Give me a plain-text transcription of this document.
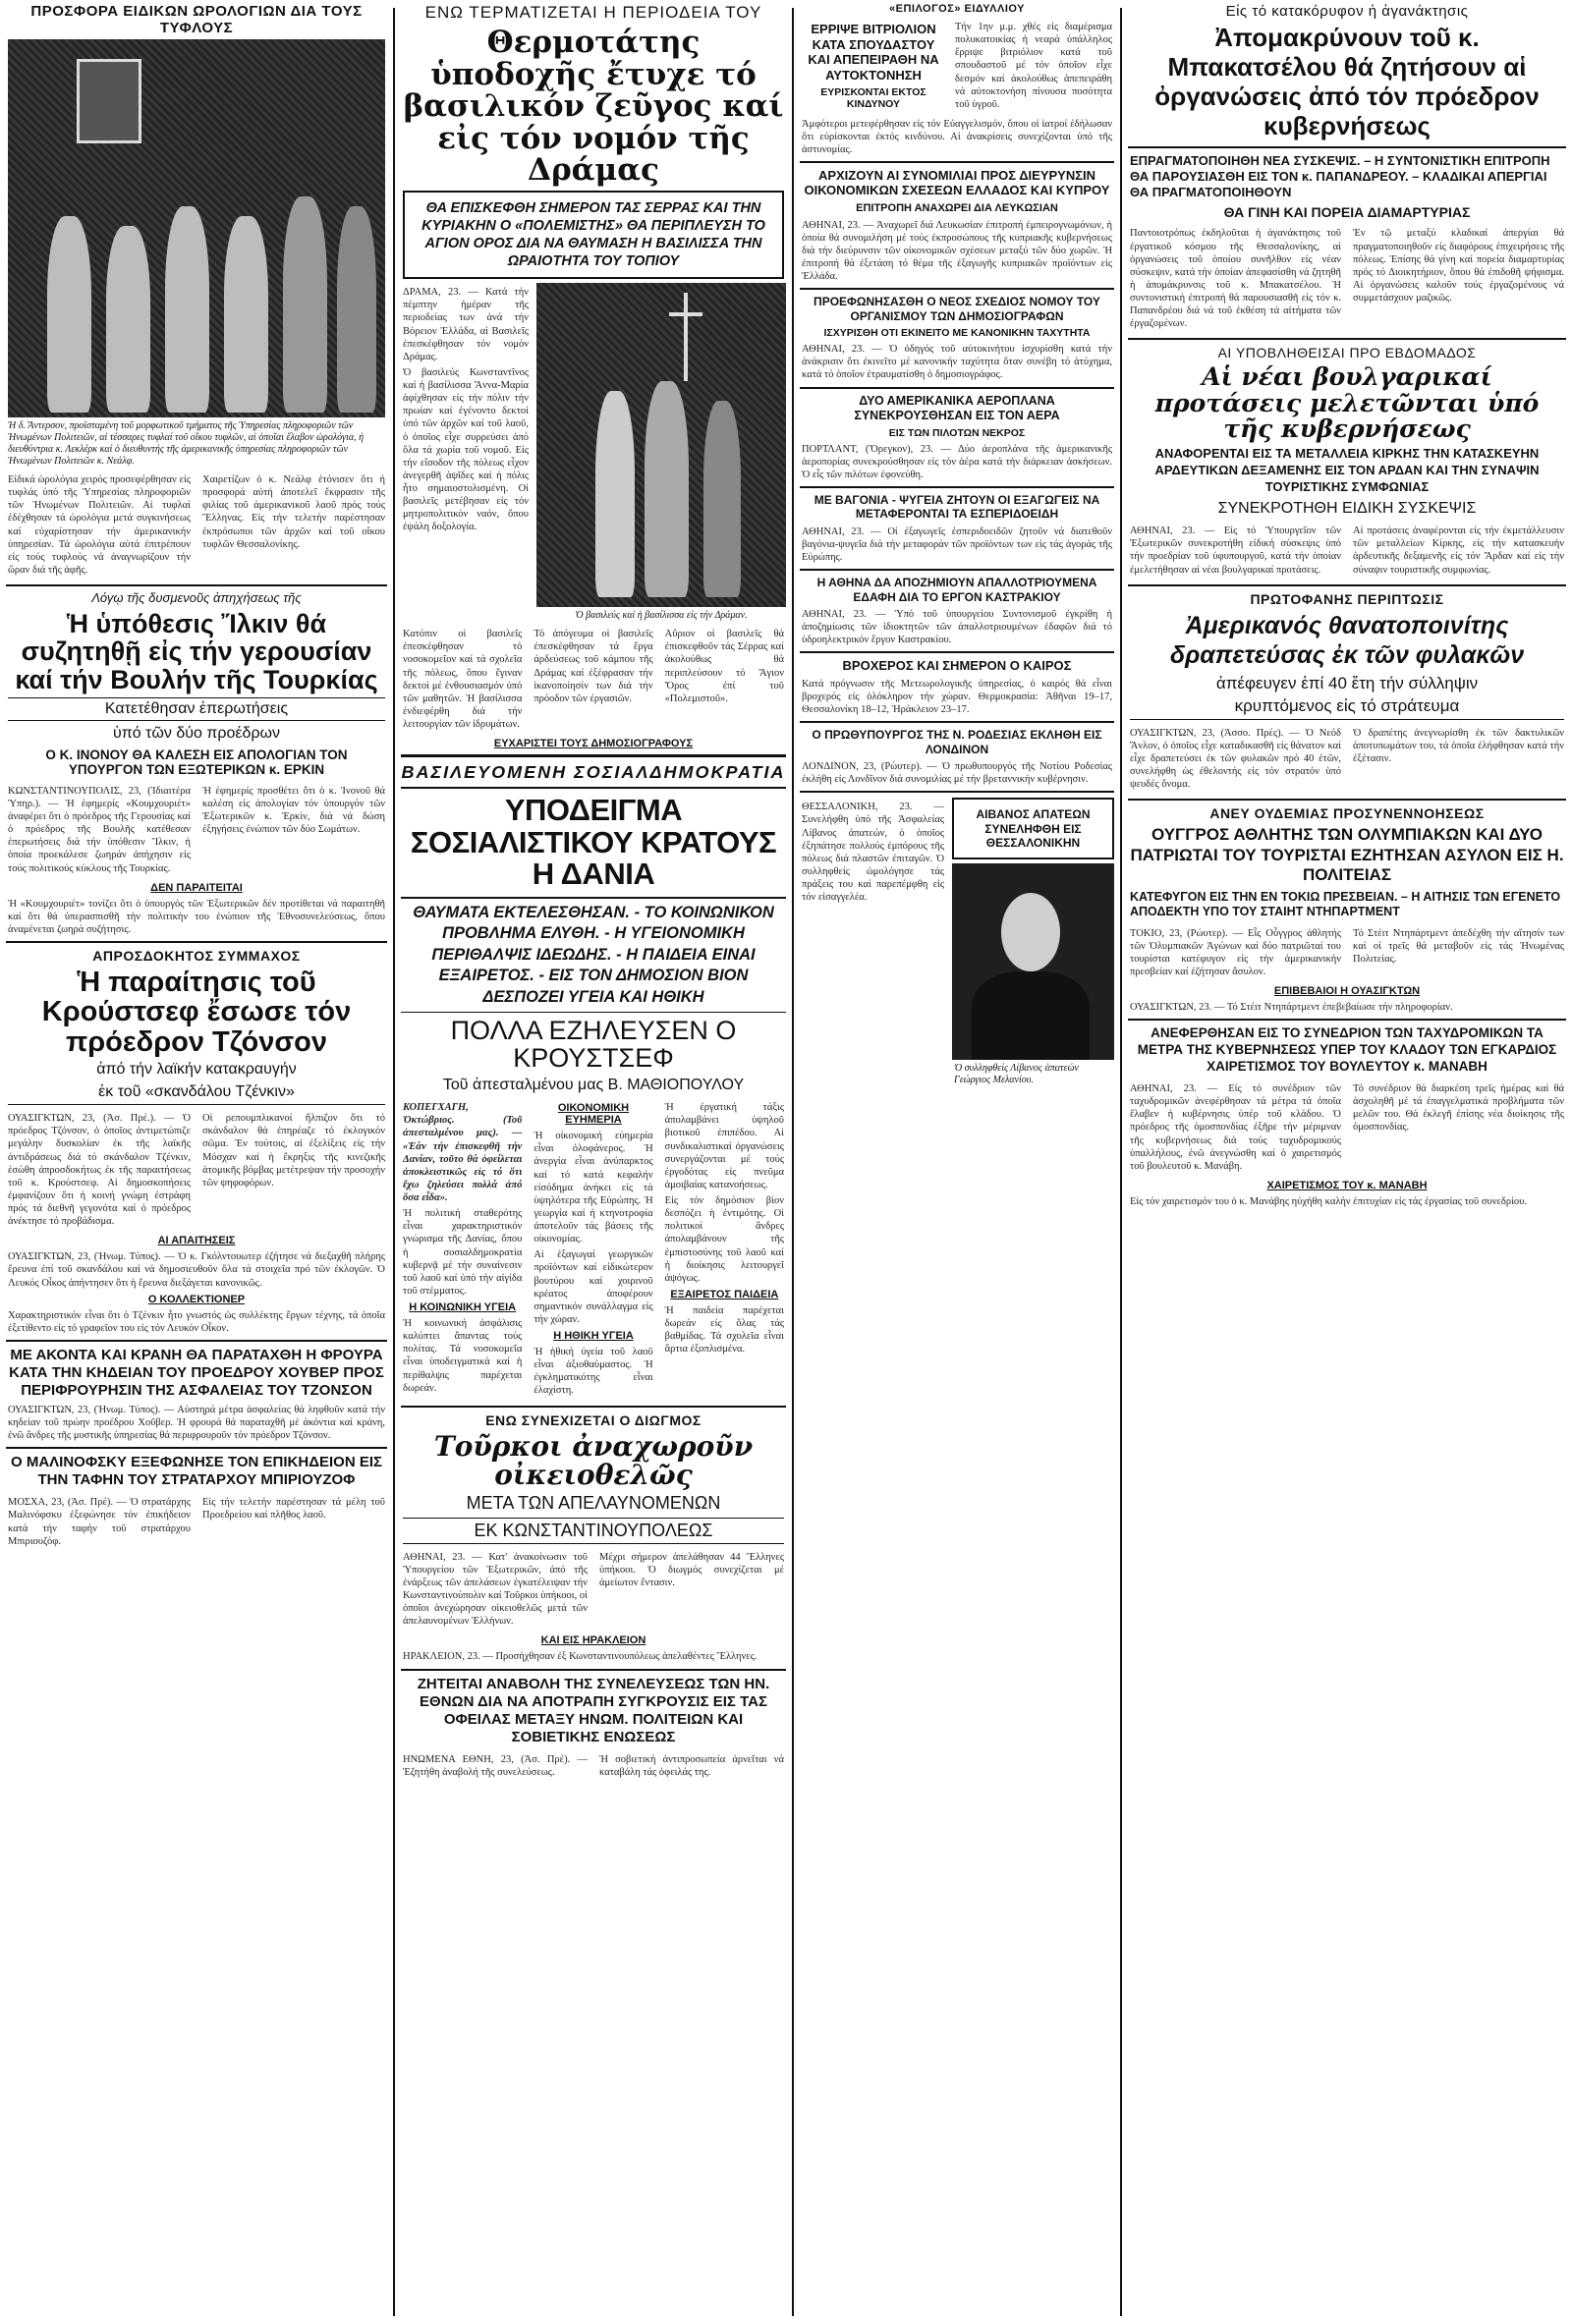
ΠΡΟΣΦΟΡΑ ΕΙΔΙΚΩΝ ΩΡΟΛΟΓΙΩΝ ΔΙΑ ΤΟΥΣ ΤΥΦΛΟΥΣ
Ἡ δ. Ἄντερσον, προϊσταμένη τοῦ μορφωτικοῦ τμήματος τῆς Ὑπηρεσίας πληροφοριῶν τῶν Ἡνωμένων Πολιτειῶν, αἱ τέσσαρες τυφλαί τοῦ οἴκου τυφλῶν, αἱ ὁποῖαι ἔλαβον ὡρολόγια, ἡ διευθύντρια κ. Λεκλέρκ καί ὁ διευθυντής τῆς ἀμερικανικῆς ὑπηρεσίας πληροφοριῶν τῶν Ἡνωμένων Πολιτειῶν κ. Νεάλφ.
Εἰδικά ὡρολόγια χειρός προσεφέρθησαν εἰς τυφλάς ὑπό τῆς Ὑπηρεσίας πληροφοριῶν τῶν Ἡνωμένων Πολιτειῶν. Αἱ τυφλαί ἐδέχθησαν τά ὡρολόγια μετά συγκινήσεως καί εὐχαρίστησαν τήν ἀμερικανικήν ὑπηρεσίαν. Τά ὡρολόγια αὐτά ἐπιτρέπουν εἰς τούς τυφλούς νά ἀναγνωρίζουν τήν ὥραν διά τῆς ἀφῆς.
Χαιρετίζων ὁ κ. Νεάλφ ἐτόνισεν ὅτι ἡ προσφορά αὐτή ἀποτελεῖ ἔκφρασιν τῆς φιλίας τοῦ ἀμερικανικοῦ λαοῦ πρός τούς Ἕλληνας. Εἰς τήν τελετήν παρέστησαν ἐκπρόσωποι τῶν ἀρχῶν καί τοῦ οἴκου τυφλῶν Θεσσαλονίκης.
Λόγῳ τῆς δυσμενοῦς ἀπηχήσεως τῆς
Ἡ ὑπόθεσις Ἴλκιν θά συζητηθῇ εἰς τήν γερουσίαν καί τήν Βουλήν τῆς Τουρκίας
Κατετέθησαν ἐπερωτήσεις
ὑπό τῶν δύο προέδρων
Ο Κ. ΙΝΟΝΟΥ ΘΑ ΚΑΛΕΣΗ ΕΙΣ ΑΠΟΛΟΓΙΑΝ ΤΟΝ ΥΠΟΥΡΓΟΝ ΤΩΝ ΕΞΩΤΕΡΙΚΩΝ κ. ΕΡΚΙΝ
ΚΩΝΣΤΑΝΤΙΝΟΥΠΟΛΙΣ, 23, (Ἰδιαιτέρα Ὑπηρ.). — Ἡ ἐφημερίς «Κουμχουριέτ» ἀναφέρει ὅτι ὁ πρόεδρος τῆς Γερουσίας καί ὁ πρόεδρος τῆς Βουλῆς κατέθεσαν ἐπερωτήσεις διά τήν ὑπόθεσιν Ἴλκιν, ἡ ὁποία προεκάλεσε ζωηράν ἀπήχησιν εἰς τούς πολιτικούς κύκλους τῆς Τουρκίας.
Ἡ ἐφημερίς προσθέτει ὅτι ὁ κ. Ἰνονοῦ θά καλέση εἰς ἀπολογίαν τόν ὑπουργόν τῶν Ἐξωτερικῶν κ. Ἐρκίν, διά νά δώση ἐξηγήσεις ἐνώπιον τῶν δύο Σωμάτων.
ΔΕΝ ΠΑΡΑΙΤΕΙΤΑΙ
Ἡ «Κουμχουριέτ» τονίζει ὅτι ὁ ὑπουργός τῶν Ἐξωτερικῶν δέν προτίθεται νά παραιτηθῆ καί ὅτι θά ὑπερασπισθῆ τήν πολιτικήν του ἐνώπιον τῆς Ἐθνοσυνελεύσεως, ὅπου ἀναμένεται ζωηρά συζήτησις.
ΑΠΡΟΣΔΟΚΗΤΟΣ ΣΥΜΜΑΧΟΣ
Ἡ παραίτησις τοῦ Κρούστσεφ ἔσωσε τόν πρόεδρον Τζόνσον
ἀπό τήν λαϊκήν κατακραυγήν
ἐκ τοῦ «σκανδάλου Τζένκιν»
ΟΥΑΣΙΓΚΤΩΝ, 23, (Ἀσ. Πρέ.). — Ὁ πρόεδρος Τζόνσον, ὁ ὁποῖος ἀντιμετώπιζε μεγάλην δυσκολίαν ἐκ τῆς λαϊκῆς ἀντιδράσεως διά τό σκάνδαλον Τζένκιν, ἐσώθη ἀπροσδοκήτως ἐκ τῆς παραιτήσεως τοῦ κ. Κρούστσεφ. Αἱ δημοσκοπήσεις ἐμφανίζουν ὅτι ἡ κοινή γνώμη ἐστράφη πρός τά διεθνῆ γεγονότα καί ὁ πρόεδρος ἀνέκτησε τό προβάδισμα.
Οἱ ρεπουμπλικανοί ἤλπιζον ὅτι τό σκάνδαλον θά ἐπηρέαζε τό ἐκλογικόν σῶμα. Ἐν τούτοις, αἱ ἐξελίξεις εἰς τήν Μόσχαν καί ἡ ἔκρηξις τῆς κινεζικῆς ἀτομικῆς βόμβας μετέτρεψαν τήν προσοχήν τῶν ψηφοφόρων.
ΑΙ ΑΠΑΙΤΗΣΕΙΣ
ΟΥΑΣΙΓΚΤΩΝ, 23, (Ἡνωμ. Τύπος). — Ὁ κ. Γκόλντουωτερ ἐζήτησε νά διεξαχθῆ πλήρης ἔρευνα ἐπί τοῦ σκανδάλου καί νά δημοσιευθοῦν ὅλα τά στοιχεῖα πρό τῶν ἐκλογῶν. Ὁ Λευκός Οἶκος ἀπήντησεν ὅτι ἡ ἔρευνα διεξάγεται κανονικῶς.
Ο ΚΟΛΛΕΚΤΙΟΝΕΡ
Χαρακτηριστικόν εἶναι ὅτι ὁ Τζένκιν ἦτο γνωστός ὡς συλλέκτης ἔργων τέχνης, τά ὁποῖα ἐξετίθεντο εἰς τό γραφεῖον του εἰς τόν Λευκόν Οἶκον.
ΜΕ ΑΚΟΝΤΑ ΚΑΙ ΚΡΑΝΗ ΘΑ ΠΑΡΑΤΑΧΘΗ Η ΦΡΟΥΡΑ ΚΑΤΑ ΤΗΝ ΚΗΔΕΙΑΝ ΤΟΥ ΠΡΟΕΔΡΟΥ ΧΟΥΒΕΡ ΠΡΟΣ ΠΕΡΙΦΡΟΥΡΗΣΙΝ ΤΗΣ ΑΣΦΑΛΕΙΑΣ ΤΟΥ ΤΖΟΝΣΟΝ
ΟΥΑΣΙΓΚΤΩΝ, 23, (Ἡνωμ. Τύπος). — Αὐστηρά μέτρα ἀσφαλείας θά ληφθοῦν κατά τήν κηδείαν τοῦ πρώην προέδρου Χοῦβερ. Ἡ φρουρά θά παραταχθῆ μέ ἀκόντια καί κράνη, ἐνῶ ἄνδρες τῆς μυστικῆς ὑπηρεσίας θά περιφρουροῦν τόν πρόεδρον Τζόνσον.
Ο ΜΑΛΙΝΟΦΣΚΥ ΕΞΕΦΩΝΗΣΕ ΤΟΝ ΕΠΙΚΗΔΕΙΟΝ ΕΙΣ ΤΗΝ ΤΑΦΗΝ ΤΟΥ ΣΤΡΑΤΑΡΧΟΥ ΜΠΙΡΙΟΥΖΟΦ
ΜΟΣΧΑ, 23, (Ἀσ. Πρέ). — Ὁ στρατάρχης Μαλινόφσκυ ἐξεφώνησε τόν ἐπικήδειον κατά τήν ταφήν τοῦ στρατάρχου Μπιριουζόφ.
Εἰς τήν τελετήν παρέστησαν τά μέλη τοῦ Προεδρείου καί πλῆθος λαοῦ.
ΕΝΩ ΤΕΡΜΑΤΙΖΕΤΑΙ Η ΠΕΡΙΟΔΕΙΑ ΤΟΥ
Θερμοτάτης ὑποδοχῆς ἔτυχε τό βασιλικόν ζεῦγος καί εἰς τόν νομόν τῆς Δράμας
ΘΑ ΕΠΙΣΚΕΦΘΗ ΣΗΜΕΡΟΝ ΤΑΣ ΣΕΡΡΑΣ ΚΑΙ ΤΗΝ ΚΥΡΙΑΚΗΝ Ο «ΠΟΛΕΜΙΣΤΗΣ» ΘΑ ΠΕΡΙΠΛΕΥΣΗ ΤΟ ΑΓΙΟΝ ΟΡΟΣ ΔΙΑ ΝΑ ΘΑΥΜΑΣΗ Η ΒΑΣΙΛΙΣΣΑ ΤΗΝ ΩΡΑΙΟΤΗΤΑ ΤΟΥ ΤΟΠΙΟΥ
ΔΡΑΜΑ, 23. — Κατά τήν πέμπτην ἡμέραν τῆς περιοδείας των ἀνά τήν Βόρειον Ἑλλάδα, αἱ Βασιλεῖς ἐπεσκέφθησαν τόν νομόν Δράμας.
Ὁ βασιλεύς Κωνσταντῖνος καί ἡ βασίλισσα Ἄννα-Μαρία ἀφίχθησαν εἰς τήν πόλιν τήν πρωίαν καί ἐγένοντο δεκτοί ὑπό τῶν ἀρχῶν καί τοῦ λαοῦ, ὁ ὁποῖος εἶχε συρρεύσει ἀπό ὅλα τά χωρία τοῦ νομοῦ. Εἰς τήν εἴσοδον τῆς πόλεως εἶχον ἀνεγερθῆ ἁψῖδες καί ἡ πόλις ἦτο σημαιοστολισμένη. Οἱ βασιλεῖς μετέβησαν εἰς τόν μητροπολιτικόν ναόν, ὅπου ἐψάλη δοξολογία.
Ὁ βασιλεύς καί ἡ βασίλισσα εἰς τήν Δράμαν.
Κατόπιν οἱ βασιλεῖς ἐπεσκέφθησαν τό νοσοκομεῖον καί τά σχολεῖα τῆς πόλεως, ὅπου ἔγιναν δεκτοί μέ ἐνθουσιασμόν ὑπό τῶν μαθητῶν. Ἡ βασίλισσα ἐνδιεφέρθη διά τήν λειτουργίαν τῶν ἱδρυμάτων.
Τό ἀπόγευμα οἱ βασιλεῖς ἐπεσκέφθησαν τά ἔργα ἀρδεύσεως τοῦ κάμπου τῆς Δράμας καί ἐξέφρασαν τήν ἱκανοποίησίν των διά τήν πρόοδον τῶν ἐργασιῶν.
Αὔριον οἱ βασιλεῖς θά ἐπισκεφθοῦν τάς Σέρρας καί ἀκολούθως θά περιπλεύσουν τό Ἅγιον Ὄρος ἐπί τοῦ «Πολεμιστοῦ».
ΕΥΧΑΡΙΣΤΕΙ ΤΟΥΣ ΔΗΜΟΣΙΟΓΡΑΦΟΥΣ
ΒΑΣΙΛΕΥΟΜΕΝΗ ΣΟΣΙΑΛΔΗΜΟΚΡΑΤΙΑ
ΥΠΟΔΕΙΓΜΑ ΣΟΣΙΑΛΙΣΤΙΚΟΥ ΚΡΑΤΟΥΣ Η ΔΑΝΙΑ
ΘΑΥΜΑΤΑ ΕΚΤΕΛΕΣΘΗΣΑΝ. - ΤΟ ΚΟΙΝΩΝΙΚΟΝ ΠΡΟΒΛΗΜΑ ΕΛΥΘΗ. - Η ΥΓΕΙΟΝΟΜΙΚΗ ΠΕΡΙΘΑΛΨΙΣ ΙΔΕΩΔΗΣ. - Η ΠΑΙΔΕΙΑ ΕΙΝΑΙ ΕΞΑΙΡΕΤΟΣ. - ΕΙΣ ΤΟΝ ΔΗΜΟΣΙΟΝ ΒΙΟΝ ΔΕΣΠΟΖΕΙ ΥΓΕΙΑ ΚΑΙ ΗΘΙΚΗ
ΠΟΛΛΑ ΕΖΗΛΕΥΣΕΝ Ο ΚΡΟΥΣΤΣΕΦ
Τοῦ ἀπεσταλμένου μας Β. ΜΑΘΙΟΠΟΥΛΟΥ
ΚΟΠΕΓΧΑΓΗ, Ὀκτώβριος. (Τοῦ ἀπεσταλμένου μας). — «Ἐάν τήν ἐπισκεφθῆ τήν Δανίαν, τοῦτο θά ὀφείλεται ἀποκλειστικῶς εἰς τό ὅτι ἔχω ζηλεύσει πολλά ἀπό ὅσα εἶδα».
Ἡ πολιτική σταθερότης εἶναι χαρακτηριστικόν γνώρισμα τῆς Δανίας, ὅπου ἡ σοσιαλδημοκρατία κυβερνᾷ μέ τήν συναίνεσιν τοῦ λαοῦ καί ὑπό τήν αἰγίδα τοῦ στέμματος.
Η ΚΟΙΝΩΝΙΚΗ ΥΓΕΙΑ
Ἡ κοινωνική ἀσφάλισις καλύπτει ἅπαντας τούς πολίτας. Τά νοσοκομεῖα εἶναι ὑποδειγματικά καί ἡ περίθαλψις παρέχεται δωρεάν.
ΟΙΚΟΝΟΜΙΚΗ ΕΥΗΜΕΡΙΑ
Ἡ οἰκονομική εὐημερία εἶναι ὁλοφάνερος. Ἡ ἀνεργία εἶναι ἀνύπαρκτος καί τό κατά κεφαλήν εἰσόδημα ἀνήκει εἰς τά ὑψηλότερα τῆς Εὐρώπης. Ἡ γεωργία καί ἡ κτηνοτροφία ἀποτελοῦν τάς βάσεις τῆς οἰκονομίας.
Αἱ ἐξαγωγαί γεωργικῶν προϊόντων καί εἰδικώτερον βουτύρου καί χοιρινοῦ κρέατος ἀποφέρουν σημαντικόν συνάλλαγμα εἰς τήν χώραν.
Η ΗΘΙΚΗ ΥΓΕΙΑ
Ἡ ἠθική ὑγεία τοῦ λαοῦ εἶναι ἀξιοθαύμαστος. Ἡ ἐγκληματικότης εἶναι ἐλαχίστη.
Ἡ ἐργατική τάξις ἀπολαμβάνει ὑψηλοῦ βιοτικοῦ ἐπιπέδου. Αἱ συνδικαλιστικαί ὀργανώσεις συνεργάζονται μέ τούς ἐργοδότας εἰς πνεῦμα ἀμοιβαίας κατανοήσεως.
Εἰς τόν δημόσιον βίον δεσπόζει ἡ ἐντιμότης. Οἱ πολιτικοί ἄνδρες ἀπολαμβάνουν τῆς ἐμπιστοσύνης τοῦ λαοῦ καί ἡ διοίκησις λειτουργεῖ ἀψόγως.
ΕΞΑΙΡΕΤΟΣ ΠΑΙΔΕΙΑ
Ἡ παιδεία παρέχεται δωρεάν εἰς ὅλας τάς βαθμίδας. Τά σχολεῖα εἶναι ἄρτια ἐξοπλισμένα.
ΕΝΩ ΣΥΝΕΧΙΖΕΤΑΙ Ο ΔΙΩΓΜΟΣ
Τοῦρκοι ἀναχωροῦν οἰκειοθελῶς
ΜΕΤΑ ΤΩΝ ΑΠΕΛΑΥΝΟΜΕΝΩΝ
ΕΚ ΚΩΝΣΤΑΝΤΙΝΟΥΠΟΛΕΩΣ
ΑΘΗΝΑΙ, 23. — Κατ' ἀνακοίνωσιν τοῦ Ὑπουργείου τῶν Ἐξωτερικῶν, ἀπό τῆς ἐνάρξεως τῶν ἀπελάσεων ἐγκατέλειψαν τήν Κωνσταντινούπολιν καί Τοῦρκοι ὑπήκοοι, οἱ ὁποῖοι ἀνεχώρησαν οἰκειοθελῶς μετά τῶν ἀπελαυνομένων Ἑλλήνων.
Μέχρι σήμερον ἀπελάθησαν 44 Ἕλληνες ὑπήκοοι. Ὁ διωγμός συνεχίζεται μέ ἀμείωτον ἔντασιν.
ΚΑΙ ΕΙΣ ΗΡΑΚΛΕΙΟΝ
ΗΡΑΚΛΕΙΟΝ, 23. — Προσήχθησαν ἐξ Κωνσταντινουπόλεως ἀπελαθέντες Ἕλληνες.
ΖΗΤΕΙΤΑΙ ΑΝΑΒΟΛΗ ΤΗΣ ΣΥΝΕΛΕΥΣΕΩΣ ΤΩΝ ΗΝ. ΕΘΝΩΝ ΔΙΑ ΝΑ ΑΠΟΤΡΑΠΗ ΣΥΓΚΡΟΥΣΙΣ ΕΙΣ ΤΑΣ ΟΦΕΙΛΑΣ ΜΕΤΑΞΥ ΗΝΩΜ. ΠΟΛΙΤΕΙΩΝ ΚΑΙ ΣΟΒΙΕΤΙΚΗΣ ΕΝΩΣΕΩΣ
ΗΝΩΜΕΝΑ ΕΘΝΗ, 23, (Ἀσ. Πρέ). — Ἐζητήθη ἀναβολή τῆς συνελεύσεως.
Ἡ σοβιετική ἀντιπροσωπεία ἀρνεῖται νά καταβάλη τάς ὀφειλάς της.
«ΕΠΙΛΟΓΟΣ» ΕΙΔΥΛΛΙΟΥ
ΕΡΡΙΨΕ ΒΙΤΡΙΟΛΙΟΝ ΚΑΤΑ ΣΠΟΥΔΑΣΤΟΥ ΚΑΙ ΑΠΕΠΕΙΡΑΘΗ ΝΑ ΑΥΤΟΚΤΟΝΗΣΗ
ΕΥΡΙΣΚΟΝΤΑΙ ΕΚΤΟΣ ΚΙΝΔΥΝΟΥ
Τήν 1ην μ.μ. χθές εἰς διαμέρισμα πολυκατοικίας ἡ νεαρά ὑπάλληλος ἔρριψε βιτριόλιον κατά τοῦ σπουδαστοῦ μέ τόν ὁποῖον εἶχε δεσμόν καί ἀκολούθως ἀπεπειράθη νά αὐτοκτονήση πίνουσα ποσότητα τοῦ ὑγροῦ.
Ἀμφότεροι μετεφέρθησαν εἰς τόν Εὐαγγελισμόν, ὅπου οἱ ἰατροί ἐδήλωσαν ὅτι εὑρίσκονται ἐκτός κινδύνου. Αἱ ἀνακρίσεις συνεχίζονται ὑπό τῆς ἀστυνομίας.
ΑΡΧΙΖΟΥΝ ΑΙ ΣΥΝΟΜΙΛΙΑΙ ΠΡΟΣ ΔΙΕΥΡΥΝΣΙΝ ΟΙΚΟΝΟΜΙΚΩΝ ΣΧΕΣΕΩΝ ΕΛΛΑΔΟΣ ΚΑΙ ΚΥΠΡΟΥ
ΕΠΙΤΡΟΠΗ ΑΝΑΧΩΡΕΙ ΔΙΑ ΛΕΥΚΩΣΙΑΝ
ΑΘΗΝΑΙ, 23. — Ἀναχωρεῖ διά Λευκωσίαν ἐπιτροπή ἐμπειρογνωμόνων, ἡ ὁποία θά συνομιλήση μέ τούς ἐκπροσώπους τῆς κυπριακῆς κυβερνήσεως διά τήν διεύρυνσιν τῶν οἰκονομικῶν σχέσεων μεταξύ τῶν δύο χωρῶν. Ἡ ἐπιτροπή θά ἐξετάση τό θέμα τῆς ἐξαγωγῆς κυπριακῶν προϊόντων εἰς Ἑλλάδα.
ΠΡΟΕΦΩΝΗΣΑΣΘΗ Ο ΝΕΟΣ ΣΧΕΔΙΟΣ ΝΟΜΟΥ ΤΟΥ ΟΡΓΑΝΙΣΜΟΥ ΤΩΝ ΔΗΜΟΣΙΟΓΡΑΦΩΝ
ΙΣΧΥΡΙΣΘΗ ΟΤΙ ΕΚΙΝΕΙΤΟ ΜΕ ΚΑΝΟΝΙΚΗΝ ΤΑΧΥΤΗΤΑ
ΑΘΗΝΑΙ, 23. — Ὁ ὁδηγός τοῦ αὐτοκινήτου ἰσχυρίσθη κατά τήν ἀνάκρισιν ὅτι ἐκινεῖτο μέ κανονικήν ταχύτητα ὅταν συνέβη τό ἀτύχημα, κατά τό ὁποῖον ἐτραυματίσθη ὁ δημοσιογράφος.
ΔΥΟ ΑΜΕΡΙΚΑΝΙΚΑ ΑΕΡΟΠΛΑΝΑ ΣΥΝΕΚΡΟΥΣΘΗΣΑΝ ΕΙΣ ΤΟΝ ΑΕΡΑ
ΕΙΣ ΤΩΝ ΠΙΛΟΤΩΝ ΝΕΚΡΟΣ
ΠΟΡΤΛΑΝΤ, (Ὄρεγκον), 23. — Δύο ἀεροπλάνα τῆς ἀμερικανικῆς ἀεροπορίας συνεκρούσθησαν εἰς τόν ἀέρα κατά τήν διάρκειαν ἀσκήσεων. Ὁ εἷς τῶν πιλότων ἐφονεύθη.
ΜΕ ΒΑΓΟΝΙΑ - ΨΥΓΕΙΑ ΖΗΤΟΥΝ ΟΙ ΕΞΑΓΩΓΕΙΣ ΝΑ ΜΕΤΑΦΕΡΟΝΤΑΙ ΤΑ ΕΣΠΕΡΙΔΟΕΙΔΗ
ΑΘΗΝΑΙ, 23. — Οἱ ἐξαγωγεῖς ἐσπεριδοειδῶν ζητοῦν νά διατεθοῦν βαγόνια-ψυγεῖα διά τήν μεταφοράν τῶν προϊόντων των εἰς τάς ἀγοράς τῆς Εὐρώπης.
Η ΑΘΗΝΑ ΔΑ ΑΠΟΖΗΜΙΟΥΝ ΑΠΑΛΛΟΤΡΙΟΥΜΕΝΑ ΕΔΑΦΗ ΔΙΑ ΤΟ ΕΡΓΟΝ ΚΑΣΤΡΑΚΙΟΥ
ΑΘΗΝΑΙ, 23. — Ὑπό τοῦ ὑπουργείου Συντονισμοῦ ἐγκρίθη ἡ ἀποζημίωσις τῶν ἰδιοκτητῶν τῶν ἀπαλλοτριουμένων ἐδαφῶν διά τό ὑδροηλεκτρικόν ἔργον Καστρακίου.
ΒΡΟΧΕΡΟΣ ΚΑΙ ΣΗΜΕΡΟΝ Ο ΚΑΙΡΟΣ
Κατά πρόγνωσιν τῆς Μετεωρολογικῆς ὑπηρεσίας, ὁ καιρός θά εἶναι βροχερός εἰς ὁλόκληρον τήν χώραν. Θερμοκρασία: Ἀθῆναι 19–17, Θεσσαλονίκη 18–12, Ἡράκλειον 23–17.
Ο ΠΡΩΘΥΠΟΥΡΓΟΣ ΤΗΣ Ν. ΡΟΔΕΣΙΑΣ ΕΚΛΗΘΗ ΕΙΣ ΛΟΝΔΙΝΟΝ
ΛΟΝΔΙΝΟΝ, 23, (Ρώυτερ). — Ὁ πρωθυπουργός τῆς Νοτίου Ροδεσίας ἐκλήθη εἰς Λονδῖνον διά συνομιλίας μέ τήν βρεταννικήν κυβέρνησιν.
ΘΕΣΣΑΛΟΝΙΚΗ, 23. — Συνελήφθη ὑπό τῆς Ἀσφαλείας Λίβανος ἀπατεών, ὁ ὁποῖος ἐξηπάτησε πολλούς ἐμπόρους τῆς πόλεως διά πλαστῶν ἐπιταγῶν. Ὁ συλληφθείς ὡμολόγησε τάς πράξεις του καί παρεπέμφθη εἰς τόν εἰσαγγελέα.
ΑΙΒΑΝΟΣ ΑΠΑΤΕΩΝ ΣΥΝΕΛΗΦΘΗ ΕΙΣ ΘΕΣΣΑΛΟΝΙΚΗΝ
Ὁ συλληφθείς Λίβανος ἀπατεών Γεώργιος Μελανίου.
Εἰς τό κατακόρυφον ἡ ἀγανάκτησις
Ἀπομακρύνουν τοῦ κ. Μπακατσέλου θά ζητήσουν αἱ ὀργανώσεις ἀπό τόν πρόεδρον κυβερνήσεως
ΕΠΡΑΓΜΑΤΟΠΟΙΗΘΗ ΝΕΑ ΣΥΣΚΕΨΙΣ. – Η ΣΥΝΤΟΝΙΣΤΙΚΗ ΕΠΙΤΡΟΠΗ ΘΑ ΠΑΡΟΥΣΙΑΣΘΗ ΕΙΣ ΤΟΝ κ. ΠΑΠΑΝΔΡΕΟΥ. – ΚΛΑΔΙΚΑΙ ΑΠΕΡΓΙΑΙ ΘΑ ΠΡΑΓΜΑΤΟΠΟΙΗΘΟΥΝ
ΘΑ ΓΙΝΗ ΚΑΙ ΠΟΡΕΙΑ ΔΙΑΜΑΡΤΥΡΙΑΣ
Παντοιοτρόπως ἐκδηλοῦται ἡ ἀγανάκτησις τοῦ ἐργατικοῦ κόσμου τῆς Θεσσαλονίκης, αἱ ὀργανώσεις τοῦ ὁποίου συνῆλθον εἰς νέαν σύσκεψιν, κατά τήν ὁποίαν ἀπεφασίσθη νά ζητηθῆ ἡ ἀπομάκρυνσις τοῦ κ. Μπακατσέλου. Ἡ συντονιστική ἐπιτροπή θά παρουσιασθῆ εἰς τόν κ. Παπανδρέου διά νά τοῦ ἐκθέση τά αἰτήματα τῶν ἐργαζομένων.
Ἐν τῷ μεταξύ κλαδικαί ἀπεργίαι θά πραγματοποιηθοῦν εἰς διαφόρους ἐπιχειρήσεις τῆς πόλεως. Ἐπίσης θά γίνη καί πορεία διαμαρτυρίας πρός τό Διοικητήριον, ὅπου θά ἐπιδοθῆ ψήφισμα. Αἱ ὀργανώσεις καλοῦν τούς ἐργαζομένους νά συμμετάσχουν μαζικῶς.
ΑΙ ΥΠΟΒΛΗΘΕΙΣΑΙ ΠΡΟ ΕΒΔΟΜΑΔΟΣ
Αἱ νέαι βουλγαρικαί προτάσεις μελετῶνται ὑπό τῆς κυβερνήσεως
ΑΝΑΦΟΡΕΝΤΑΙ ΕΙΣ ΤΑ ΜΕΤΑΛΛΕΙΑ ΚΙΡΚΗΣ ΤΗΝ ΚΑΤΑΣΚΕΥΗΝ ΑΡΔΕΥΤΙΚΩΝ ΔΕΞΑΜΕΝΗΣ ΕΙΣ ΤΟΝ ΑΡΔΑΝ ΚΑΙ ΤΗΝ ΣΥΝΑΨΙΝ ΤΟΥΡΙΣΤΙΚΗΣ ΣΥΜΦΩΝΙΑΣ
ΣΥΝΕΚΡΟΤΗΘΗ ΕΙΔΙΚΗ ΣΥΣΚΕΨΙΣ
ΑΘΗΝΑΙ, 23. — Εἰς τό Ὑπουργεῖον τῶν Ἐξωτερικῶν συνεκροτήθη εἰδική σύσκεψις ὑπό τήν προεδρίαν τοῦ ὑφυπουργοῦ, κατά τήν ὁποίαν ἐμελετήθησαν αἱ νέαι βουλγαρικαί προτάσεις.
Αἱ προτάσεις ἀναφέρονται εἰς τήν ἐκμετάλλευσιν τῶν μεταλλείων Κίρκης, εἰς τήν κατασκευήν ἀρδευτικῆς δεξαμενῆς εἰς τόν Ἄρδαν καί εἰς τήν σύναψιν τουριστικῆς συμφωνίας.
ΠΡΩΤΟΦΑΝΗΣ ΠΕΡΙΠΤΩΣΙΣ
Ἀμερικανός θανατοποινίτης δραπετεύσας ἐκ τῶν φυλακῶν
ἀπέφευγεν ἐπί 40 ἔτη τήν σύλληψιν
κρυπτόμενος εἰς τό στράτευμα
ΟΥΑΣΙΓΚΤΩΝ, 23, (Ἀσσο. Πρές). — Ὁ Νεόδ Ἅνλον, ὁ ὁποῖος εἶχε καταδικασθῆ εἰς θάνατον καί εἶχε δραπετεύσει ἐκ τῶν φυλακῶν πρό 40 ἐτῶν, συνελήφθη ὡς ἐθελοντής εἰς τόν στρατόν ὑπό ψευδές ὄνομα.
Ὁ δραπέτης ἀνεγνωρίσθη ἐκ τῶν δακτυλικῶν ἀποτυπωμάτων του, τά ὁποῖα ἐλήφθησαν κατά τήν ἐξέτασιν.
ΑΝΕΥ ΟΥΔΕΜΙΑΣ ΠΡΟΣΥΝΕΝΝΟΗΣΕΩΣ
ΟΥΓΓΡΟΣ ΑΘΛΗΤΗΣ ΤΩΝ ΟΛΥΜΠΙΑΚΩΝ ΚΑΙ ΔΥΟ ΠΑΤΡΙΩΤΑΙ ΤΟΥ ΤΟΥΡΙΣΤΑΙ ΕΖΗΤΗΣΑΝ ΑΣΥΛΟΝ ΕΙΣ Η. ΠΟΛΙΤΕΙΑΣ
ΚΑΤΕΦΥΓΟΝ ΕΙΣ ΤΗΝ ΕΝ ΤΟΚΙΩ ΠΡΕΣΒΕΙΑΝ. – Η ΑΙΤΗΣΙΣ ΤΩΝ ΕΓΕΝΕΤΟ ΑΠΟΔΕΚΤΗ ΥΠΟ ΤΟΥ ΣΤΑΙΗΤ ΝΤΗΠΑΡΤΜΕΝΤ
ΤΟΚΙΟ, 23, (Ρώυτερ). — Εἷς Οὗγγρος ἀθλητής τῶν Ὀλυμπιακῶν Ἀγώνων καί δύο πατριῶταί του τουρίσται κατέφυγον εἰς τήν ἀμερικανικήν πρεσβείαν καί ἐζήτησαν ἄσυλον.
Τό Στέιτ Ντηπάρτμεντ ἀπεδέχθη τήν αἴτησίν των καί οἱ τρεῖς θά μεταβοῦν εἰς τάς Ἡνωμένας Πολιτείας.
ΕΠΙΒΕΒΑΙΟΙ Η ΟΥΑΣΙΓΚΤΩΝ
ΟΥΑΣΙΓΚΤΩΝ, 23. — Τό Στέιτ Ντηπάρτμεντ ἐπεβεβαίωσε τήν πληροφορίαν.
ΑΝΕΦΕΡΘΗΣΑΝ ΕΙΣ ΤΟ ΣΥΝΕΔΡΙΟΝ ΤΩΝ ΤΑΧΥΔΡΟΜΙΚΩΝ ΤΑ ΜΕΤΡΑ ΤΗΣ ΚΥΒΕΡΝΗΣΕΩΣ ΥΠΕΡ ΤΟΥ ΚΛΑΔΟΥ ΤΩΝ ΕΓΚΑΡΔΙΟΣ ΧΑΙΡΕΤΙΣΜΟΣ ΤΟΥ ΒΟΥΛΕΥΤΟΥ κ. ΜΑΝΑΒΗ
ΑΘΗΝΑΙ, 23. — Εἰς τό συνέδριον τῶν ταχυδρομικῶν ἀνεφέρθησαν τά μέτρα τά ὁποῖα ἔλαβεν ἡ κυβέρνησις ὑπέρ τοῦ κλάδου. Ὁ πρόεδρος τῆς ὁμοσπονδίας ἐξῆρε τήν μέριμναν τῆς κυβερνήσεως διά τούς ταχυδρομικούς ὑπαλλήλους, ἐνῶ ἀνεγνώσθη καί ὁ χαιρετισμός τοῦ βουλευτοῦ κ. Μανάβη.
Τό συνέδριον θά διαρκέση τρεῖς ἡμέρας καί θά ἀσχοληθῆ μέ τά ἐπαγγελματικά προβλήματα τῶν μελῶν του. Θά ἐκλεγῆ ἐπίσης νέα διοίκησις τῆς ὁμοσπονδίας.
ΧΑΙΡΕΤΙΣΜΟΣ ΤΟΥ κ. ΜΑΝΑΒΗ
Εἰς τόν χαιρετισμόν του ὁ κ. Μανάβης ηὐχήθη καλήν ἐπιτυχίαν εἰς τάς ἐργασίας τοῦ συνεδρίου.
